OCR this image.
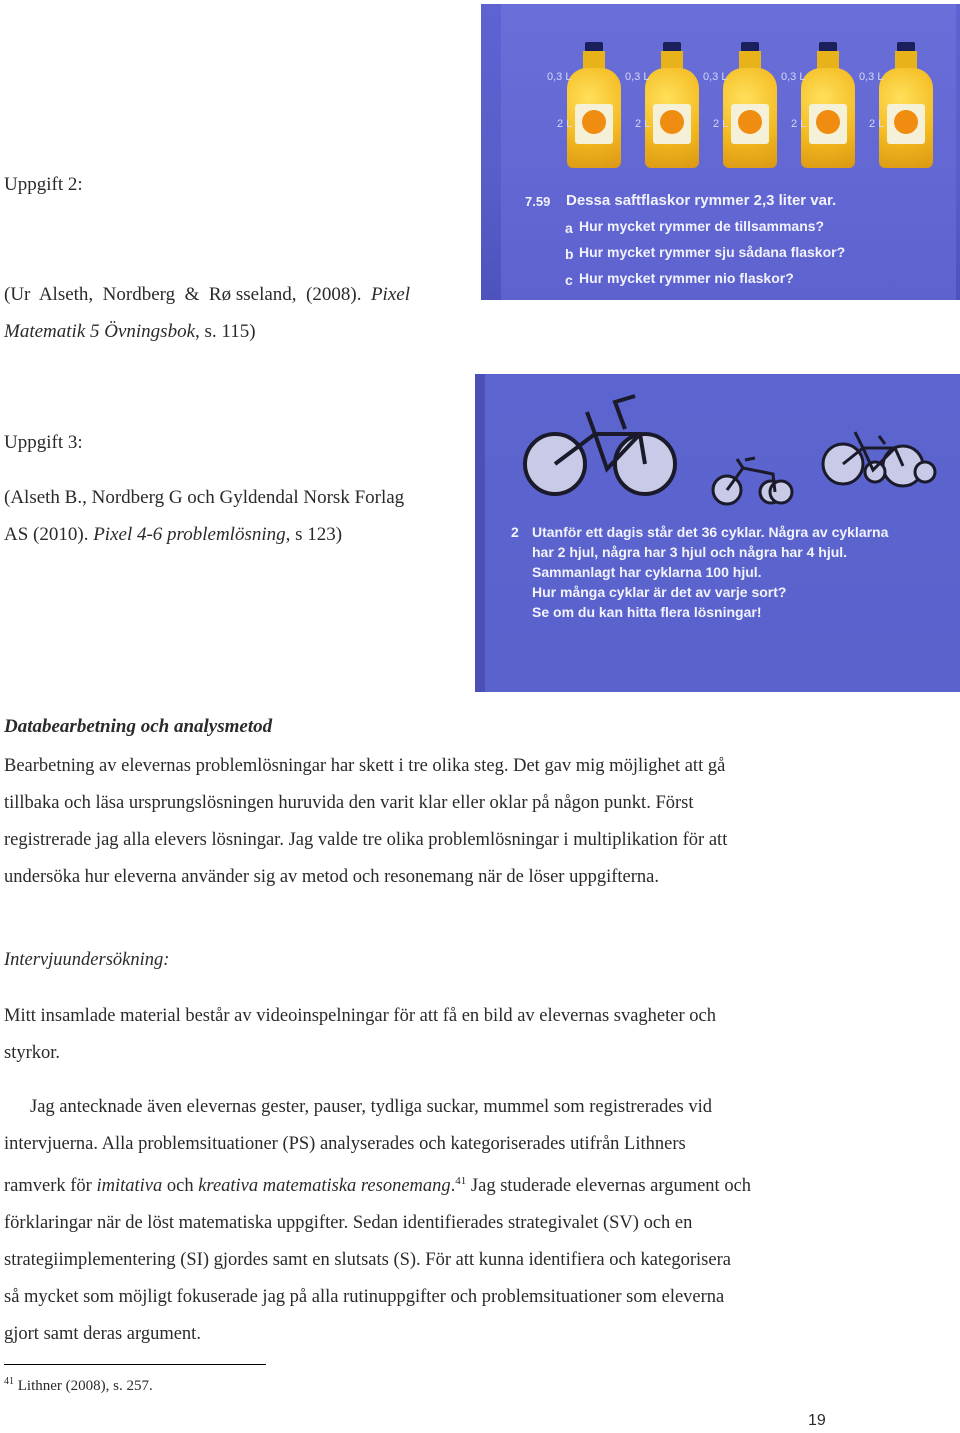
Uppgift 2:
(Ur  Alseth,  Nordberg  &  Rø sseland,  (2008).  Pixel
Matematik 5 Övningsbok, s. 115)
0,3 L	0,3 L	0,3 L	0,3 L	0,3 L
2 L	2 L	2 L	2 L	2 L
7.59 Dessa saftflaskor rymmer 2,3 liter var.
a Hur mycket rymmer de tillsammans?
b Hur mycket rymmer sju sådana flaskor?
c Hur mycket rymmer nio flaskor?
Uppgift 3:
(Alseth B., Nordberg G och Gyldendal Norsk Forlag
AS (2010). Pixel 4-6 problemlösning, s 123)	2 Utanför ett dagis står det 36 cyklar. Några av cyklarna
har 2 hjul, några har 3 hjul och några har 4 hjul.
Sammanlagt har cyklarna 100 hjul.
Hur många cyklar är det av varje sort?
Se om du kan hitta flera lösningar!
Databearbetning och analysmetod
Bearbetning av elevernas problemlösningar har skett i tre olika steg. Det gav mig möjlighet att gå
tillbaka och läsa ursprungslösningen huruvida den varit klar eller oklar på någon punkt. Först
registrerade jag alla elevers lösningar. Jag valde tre olika problemlösningar i multiplikation för att
undersöka hur eleverna använder sig av metod och resonemang när de löser uppgifterna.
Intervjuundersökning:
Mitt insamlade material består av videoinspelningar för att få en bild av elevernas svagheter och
styrkor.
Jag antecknade även elevernas gester, pauser, tydliga suckar, mummel som registrerades vid
intervjuerna. Alla problemsituationer (PS) analyserades och kategoriserades utifrån Lithners
ramverk för imitativa och kreativa matematiska resonemang.$^{41}$ Jag studerade elevernas argument och
förklaringar när de löst matematiska uppgifter. Sedan identifierades strategivalet (SV) och en
strategiimplementering (SI) gjordes samt en slutsats (S). För att kunna identifiera och kategorisera
så mycket som möjligt fokuserade jag på alla rutinuppgifter och problemsituationer som eleverna
gjort samt deras argument.
$^{41}$ Lithner (2008), s. 257.
19
